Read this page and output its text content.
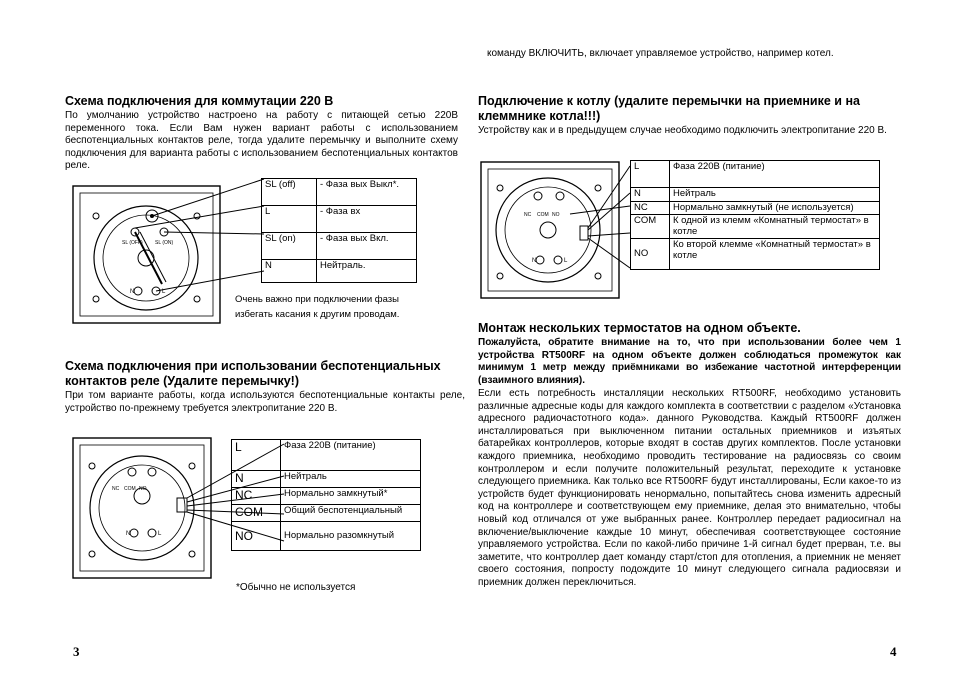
команду ВКЛЮЧИТЬ, включает управляемое устройство, например котел.
Схема подключения для коммутации 220 В
По умолчанию устройство настроено на работу с питающей сетью 220В переменного тока. Если Вам нужен вариант работы с использованием беспотенциальных контактов реле, тогда удалите перемычку и выполните схему подключения для варианта работы с использованием беспотенциальных контактов реле.
SL (OFF) SL (ON)
N	L
SL (off)	- Фаза вых Выкл*.
L	- Фаза вх
SL (on)	- Фаза вых Вкл.
N	Нейтраль.
Очень важно при подключении фазы избегать касания к другим проводам.
Схема подключения при использовании беспотенциальных контактов реле (Удалите перемычку!)
При том варианте работы, когда используются беспотенциальные контакты реле, устройство по-прежнему требуется электропитание 220 В.
NC COM NO
N	L
L	Фаза 220В (питание)
N	Нейтраль
NC	Нормально замкнутый*
COM	Общий беспотенциальный
NO	Нормально разомкнутый
*Обычно не используется
3
Подключение к котлу (удалите перемычки на приемнике и на клеммнике котла!!!)
Устройству как и в предыдущем случае необходимо подключить электропитание 220 В.
NC COM NO
N	L
L	Фаза 220В (питание)
N	Нейтраль
NC	Нормально замкнутый (не используется)
COM	К одной из клемм «Комнатный термостат» в котле
NO	Ко второй клемме «Комнатный термостат» в котле
Монтаж нескольких термостатов на одном объекте.
Пожалуйста, обратите внимание на то, что при использовании более чем 1 устройства RT500RF на одном объекте должен соблюдаться промежуток как минимум 1 метр между приёмниками во избежание частотной интерференции (взаимного влияния).
Если есть потребность инсталляции нескольких RT500RF, необходимо установить различные адресные коды для каждого комплекта в соответствии с разделом «Установка адресного радиочастотного кода». данного Руководства. Каждый RT500RF должен инсталлироваться при выключенном питании остальных приемников и изъятых батарейках контроллеров, которые входят в состав других комплектов. После установки каждого приемника, необходимо проводить тестирование на радиосвязь со своим контроллером и если получите положительный результат, переходите к установке следующего приемника. Как только все RT500RF будут инсталлированы, Если какое-то из устройств будет функционировать ненормально, попытайтесь снова изменить адресный код на контроллере и соответствующем ему приемнике, делая это внимательно, чтобы новый код отличался от уже выбранных ранее. Контроллер передает радиосигнал на включение/выключение каждые 10 минут, обеспечивая соответствующее состояние управляемого устройства. Если по какой-либо причине 1-й сигнал будет прерван, т.е. вы заметите, что контроллер дает команду старт/стоп для отопления, а приемник не меняет своего состояния, попросту подождите 10 минут следующего сигнала радиосвязи и приемник должен переключиться.
4
